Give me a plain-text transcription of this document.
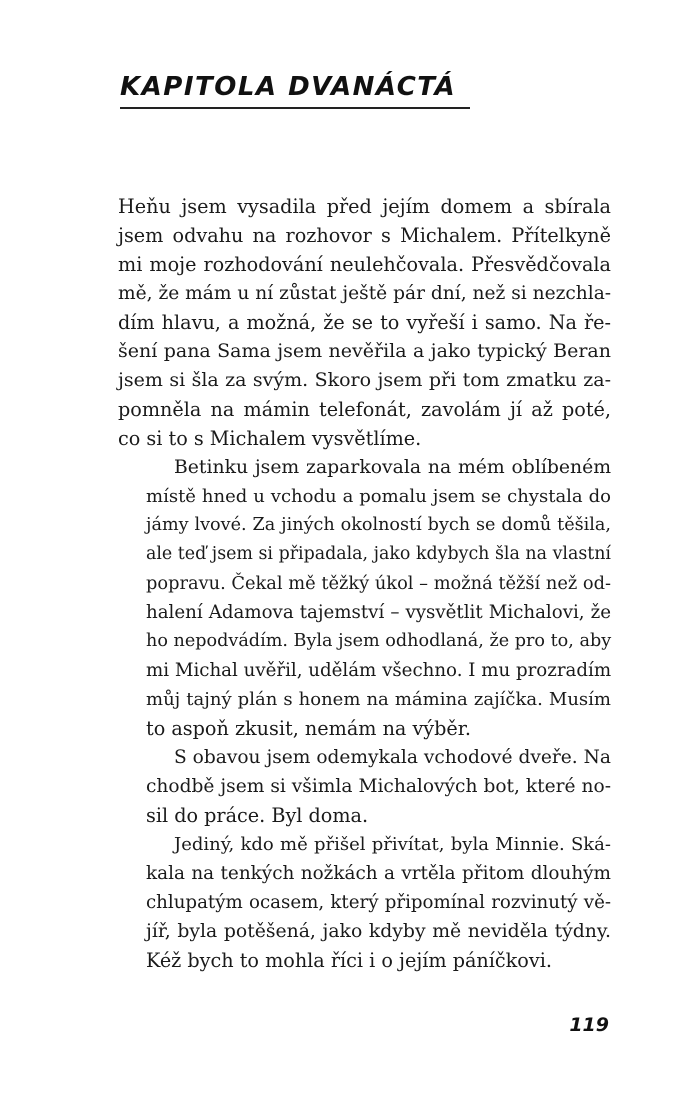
KAPITOLA DVANÁCTÁ

Heňu jsem vysadila před jejím domem a sbírala
jsem odvahu na rozhovor s Michalem. Přítelkyně
mi moje rozhodování neulehčovala. Přesvědčovala
mě, že mám u ní zůstat ještě pár dní, než si nezchla-
dím hlavu, a možná, že se to vyřeší i samo. Na ře-
šení pana Sama jsem nevěřila a jako typický Beran
jsem si šla za svým. Skoro jsem při tom zmatku za-
pomněla na mámin telefonát, zavolám jí až poté,
co si to s Michalem vysvětlíme.

Betinku jsem zaparkovala na mém oblíbeném
místě hned u vchodu a pomalu jsem se chystala do
jámy lvové. Za jiných okolností bych se domů těšila,
ale teď jsem si připadala, jako kdybych šla na vlastní
popravu. Čekal mě těžký úkol – možná těžší než od-
halení Adamova tajemství – vysvětlit Michalovi, že
ho nepodvádím. Byla jsem odhodlaná, že pro to, aby
mi Michal uvěřil, udělám všechno. I mu prozradím
můj tajný plán s honem na mámina zajíčka. Musím
to aspoň zkusit, nemám na výběr.

S obavou jsem odemykala vchodové dveře. Na
chodbě jsem si všimla Michalových bot, které no-
sil do práce. Byl doma.

Jediný, kdo mě přišel přivítat, byla Minnie. Ská-
kala na tenkých nožkách a vrtěla přitom dlouhým
chlupatým ocasem, který připomínal rozvinutý vě-
jíř, byla potěšená, jako kdyby mě neviděla týdny.
Kéž bych to mohla říci i o jejím páníčkovi.

119
